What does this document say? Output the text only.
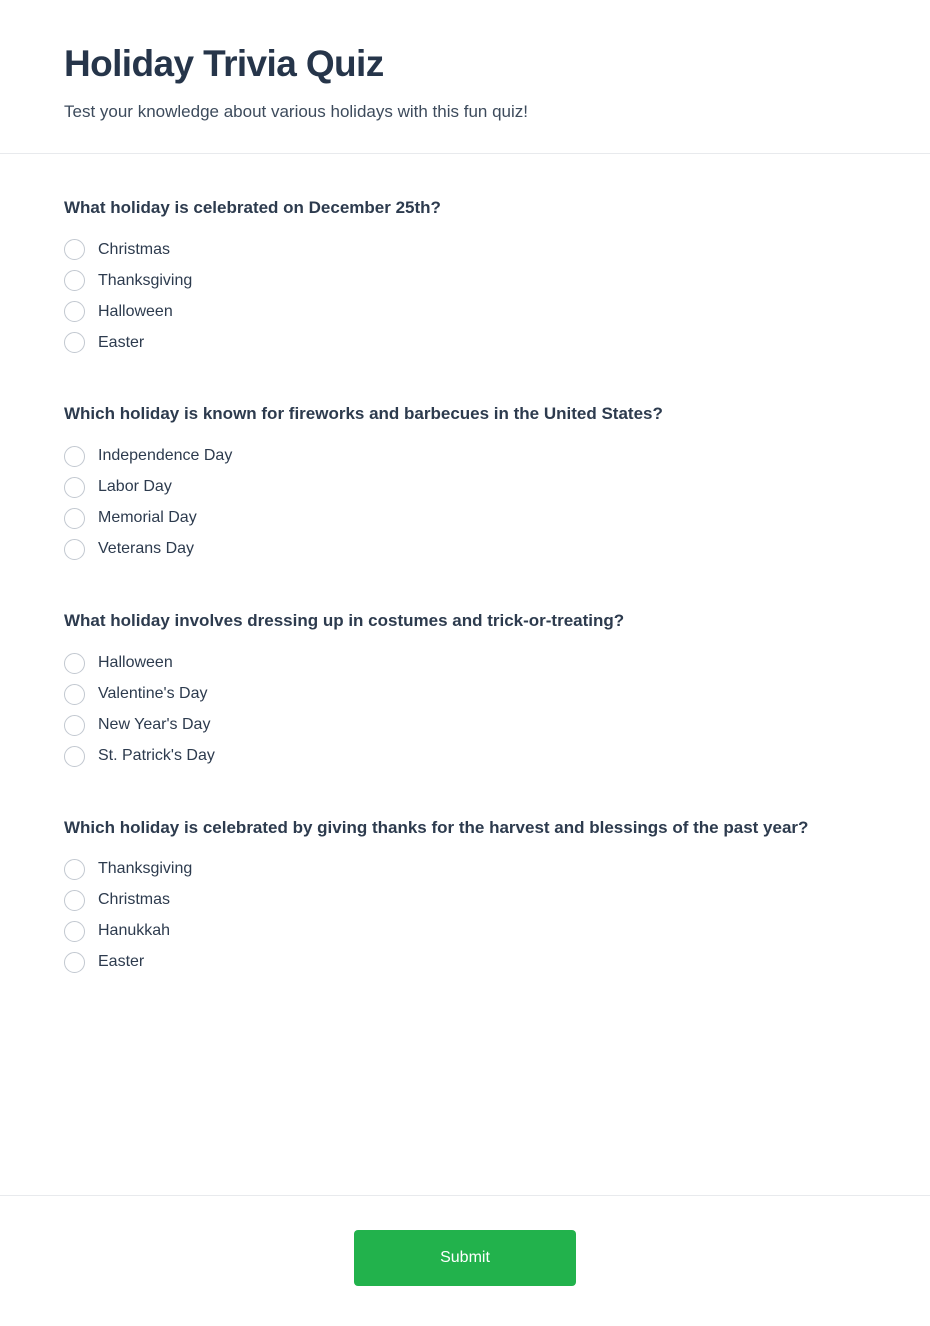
Holiday Trivia Quiz

Test your knowledge about various holidays with this fun quiz!

What holiday is celebrated on December 25th?

Christmas
Thanksgiving
Halloween
Easter

Which holiday is known for fireworks and barbecues in the United States?

Independence Day
Labor Day
Memorial Day
Veterans Day

What holiday involves dressing up in costumes and trick-or-treating?

Halloween
Valentine's Day
New Year's Day
St. Patrick's Day

Which holiday is celebrated by giving thanks for the harvest and blessings of the past year?

Thanksgiving
Christmas
Hanukkah
Easter
Submit
